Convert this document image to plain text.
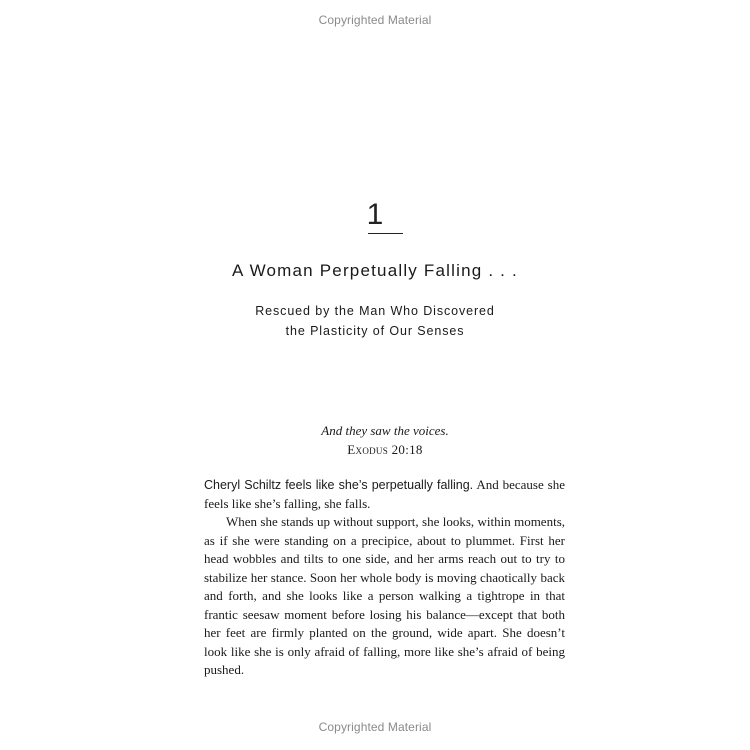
Copyrighted Material
1
A Woman Perpetually Falling . . .
Rescued by the Man Who Discovered
the Plasticity of Our Senses
And they saw the voices.
Exodus 20:18

Cheryl Schiltz feels like she’s perpetually falling. And because she feels like she’s falling, she falls.

When she stands up without support, she looks, within moments, as if she were standing on a precipice, about to plummet. First her head wobbles and tilts to one side, and her arms reach out to try to stabilize her stance. Soon her whole body is moving chaotically back and forth, and she looks like a person walking a tightrope in that frantic seesaw moment before losing his balance—except that both her feet are firmly planted on the ground, wide apart. She doesn’t look like she is only afraid of falling, more like she’s afraid of being pushed.

Copyrighted Material
